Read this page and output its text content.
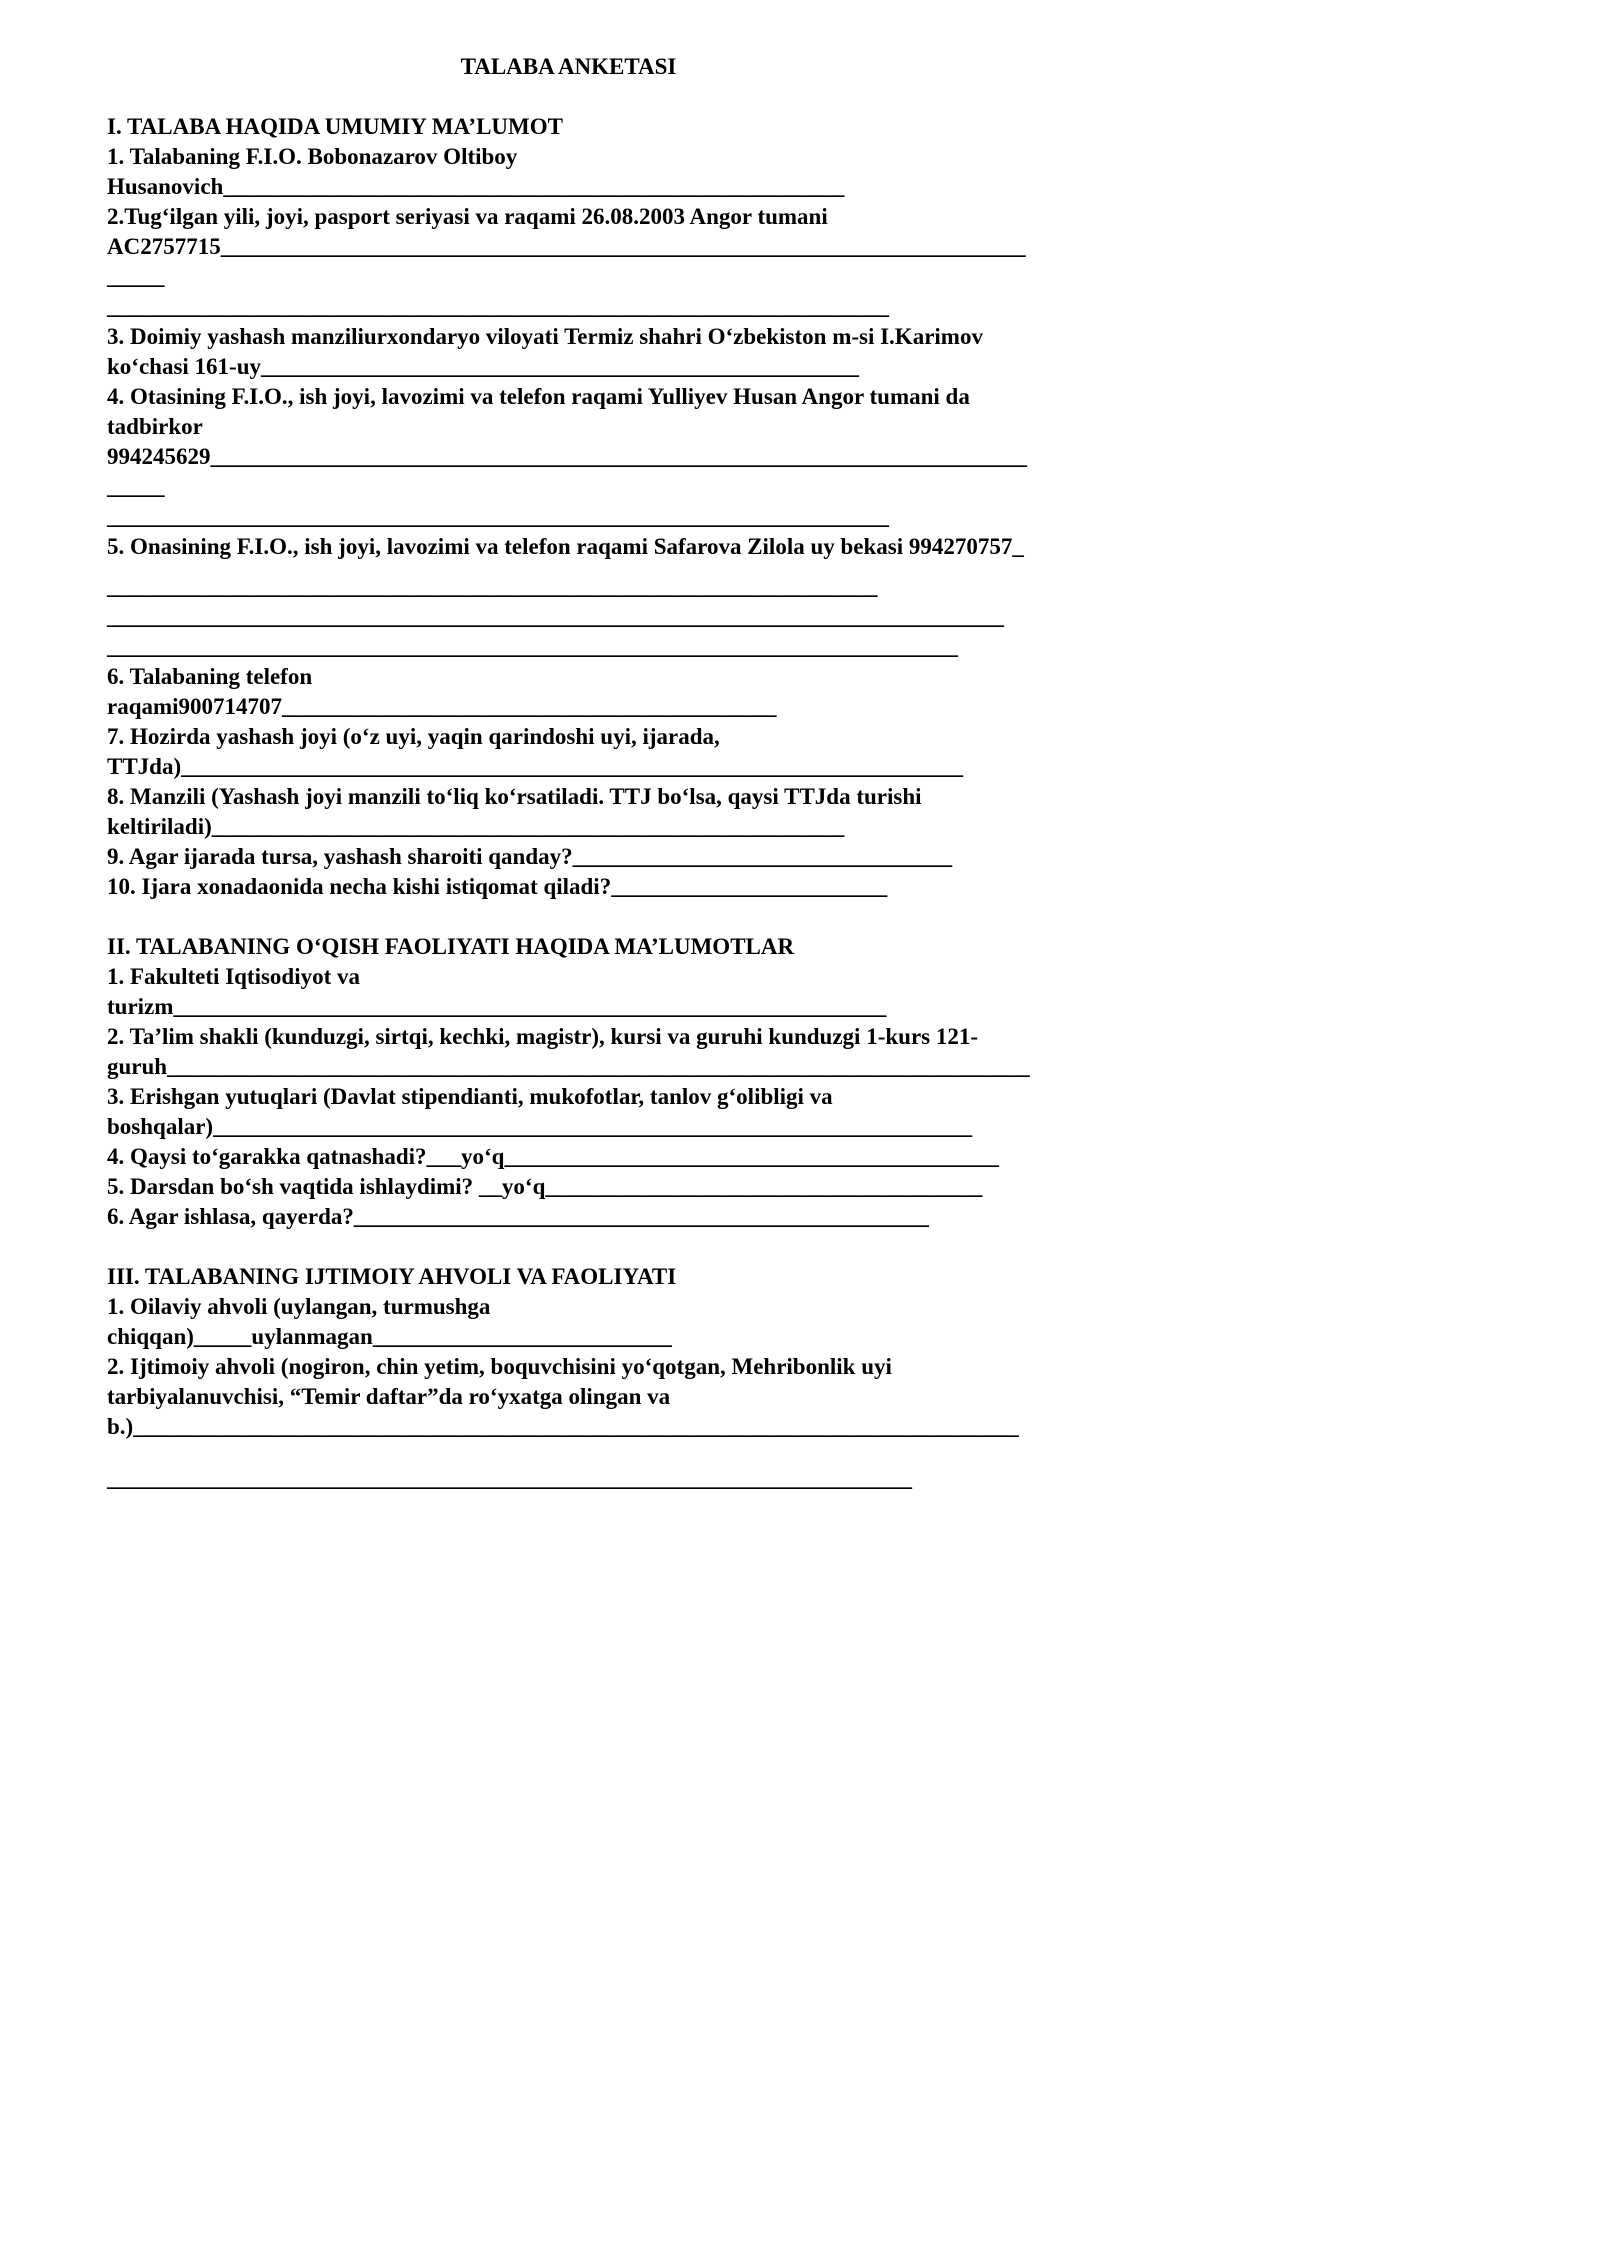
TALABA ANKETASI
I. TALABA HAQIDA UMUMIY MA’LUMOT
1. Talabaning F.I.O. Bobonazarov Oltiboy
Husanovich______________________________________________________
2.Tug‘ilgan yili, joyi, pasport seriyasi va raqami 26.08.2003 Angor tumani
AC2757715______________________________________________________________________
_____
____________________________________________________________________
3. Doimiy yashash manziliurxondaryo viloyati Termiz shahri O‘zbekiston m-si I.Karimov
ko‘chasi 161-uy____________________________________________________
4. Otasining F.I.O., ish joyi, lavozimi va telefon raqami Yulliyev Husan Angor tumani da
tadbirkor
994245629_______________________________________________________________________
_____
____________________________________________________________________
5. Onasining F.I.O., ish joyi, lavozimi va telefon raqami Safarova Zilola uy bekasi 994270757_
___________________________________________________________________
______________________________________________________________________________
__________________________________________________________________________
6. Talabaning telefon
raqami900714707___________________________________________
7. Hozirda yashash joyi (o‘z uyi, yaqin qarindoshi uyi, ijarada,
TTJda)____________________________________________________________________
8. Manzili (Yashash joyi manzili to‘liq ko‘rsatiladi. TTJ bo‘lsa, qaysi TTJda turishi
keltiriladi)_______________________________________________________
9. Agar ijarada tursa, yashash sharoiti qanday?_________________________________
10. Ijara xonadaonida necha kishi istiqomat qiladi?________________________
II. TALABANING O‘QISH FAOLIYATI HAQIDA MA’LUMOTLAR
1. Fakulteti Iqtisodiyot va
turizm______________________________________________________________
2. Ta’lim shakli (kunduzgi, sirtqi, kechki, magistr), kursi va guruhi kunduzgi 1-kurs 121-
guruh___________________________________________________________________________
3. Erishgan yutuqlari (Davlat stipendianti, mukofotlar, tanlov g‘olibligi va
boshqalar)__________________________________________________________________
4. Qaysi to‘garakka qatnashadi?___yo‘q___________________________________________
5. Darsdan bo‘sh vaqtida ishlaydimi? __yo‘q______________________________________
6. Agar ishlasa, qayerda?__________________________________________________
III. TALABANING IJTIMOIY AHVOLI VA FAOLIYATI
1. Oilaviy ahvoli (uylangan, turmushga
chiqqan)_____uylanmagan__________________________
2. Ijtimoiy ahvoli (nogiron, chin yetim, boquvchisini yo‘qotgan, Mehribonlik uyi
tarbiyalanuvchisi, “Temir daftar”da ro‘yxatga olingan va
b.)_____________________________________________________________________________
______________________________________________________________________
